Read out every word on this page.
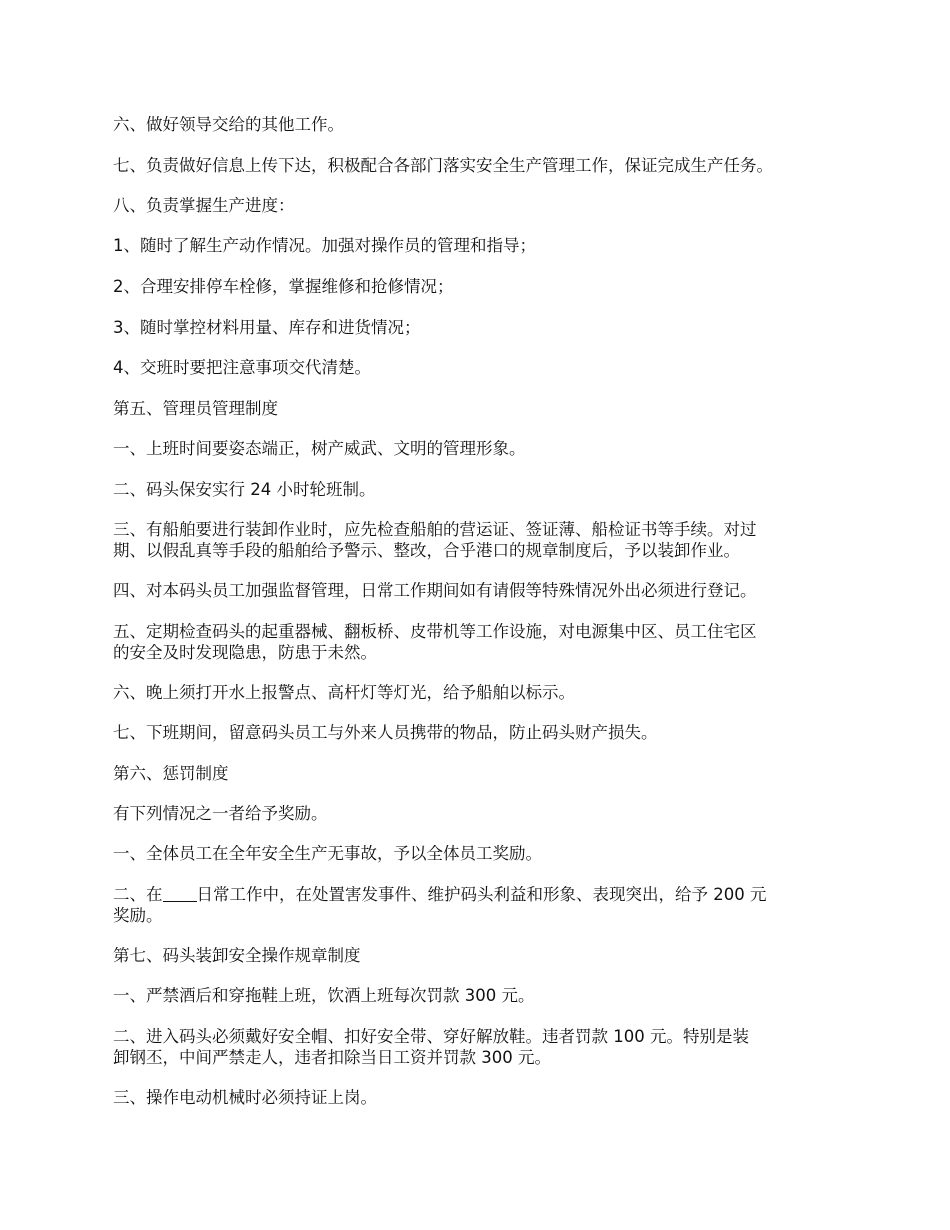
六、做好领导交给的其他工作。

七、负责做好信息上传下达，积极配合各部门落实安全生产管理工作，保证完成生产任务。

八、负责掌握生产进度：

1、随时了解生产动作情况。加强对操作员的管理和指导；

2、合理安排停车栓修，掌握维修和抢修情况；

3、随时掌控材料用量、库存和进货情况；

4、交班时要把注意事项交代清楚。

第五、管理员管理制度

一、上班时间要姿态端正，树产威武、文明的管理形象。

二、码头保安实行 24 小时轮班制。

三、有船舶要进行装卸作业时，应先检查船舶的营运证、签证薄、船检证书等手续。对过

期、以假乱真等手段的船舶给予警示、整改，合乎港口的规章制度后，予以装卸作业。

四、对本码头员工加强监督管理，日常工作期间如有请假等特殊情况外出必须进行登记。

五、定期检查码头的起重器械、翻板桥、皮带机等工作设施，对电源集中区、员工住宅区

的安全及时发现隐患，防患于未然。

六、晚上须打开水上报警点、高杆灯等灯光，给予船舶以标示。

七、下班期间，留意码头员工与外来人员携带的物品，防止码头财产损失。

第六、惩罚制度

有下列情况之一者给予奖励。

一、全体员工在全年安全生产无事故，予以全体员工奖励。

二、在 日常工作中，在处置害发事件、维护码头利益和形象、表现突出，给予 200 元

奖励。

第七、码头装卸安全操作规章制度

一、严禁酒后和穿拖鞋上班，饮酒上班每次罚款 300 元。

二、进入码头必须戴好安全帽、扣好安全带、穿好解放鞋。违者罚款 100 元。特别是装

卸钢丕，中间严禁走人，违者扣除当日工资并罚款 300 元。

三、操作电动机械时必须持证上岗。
